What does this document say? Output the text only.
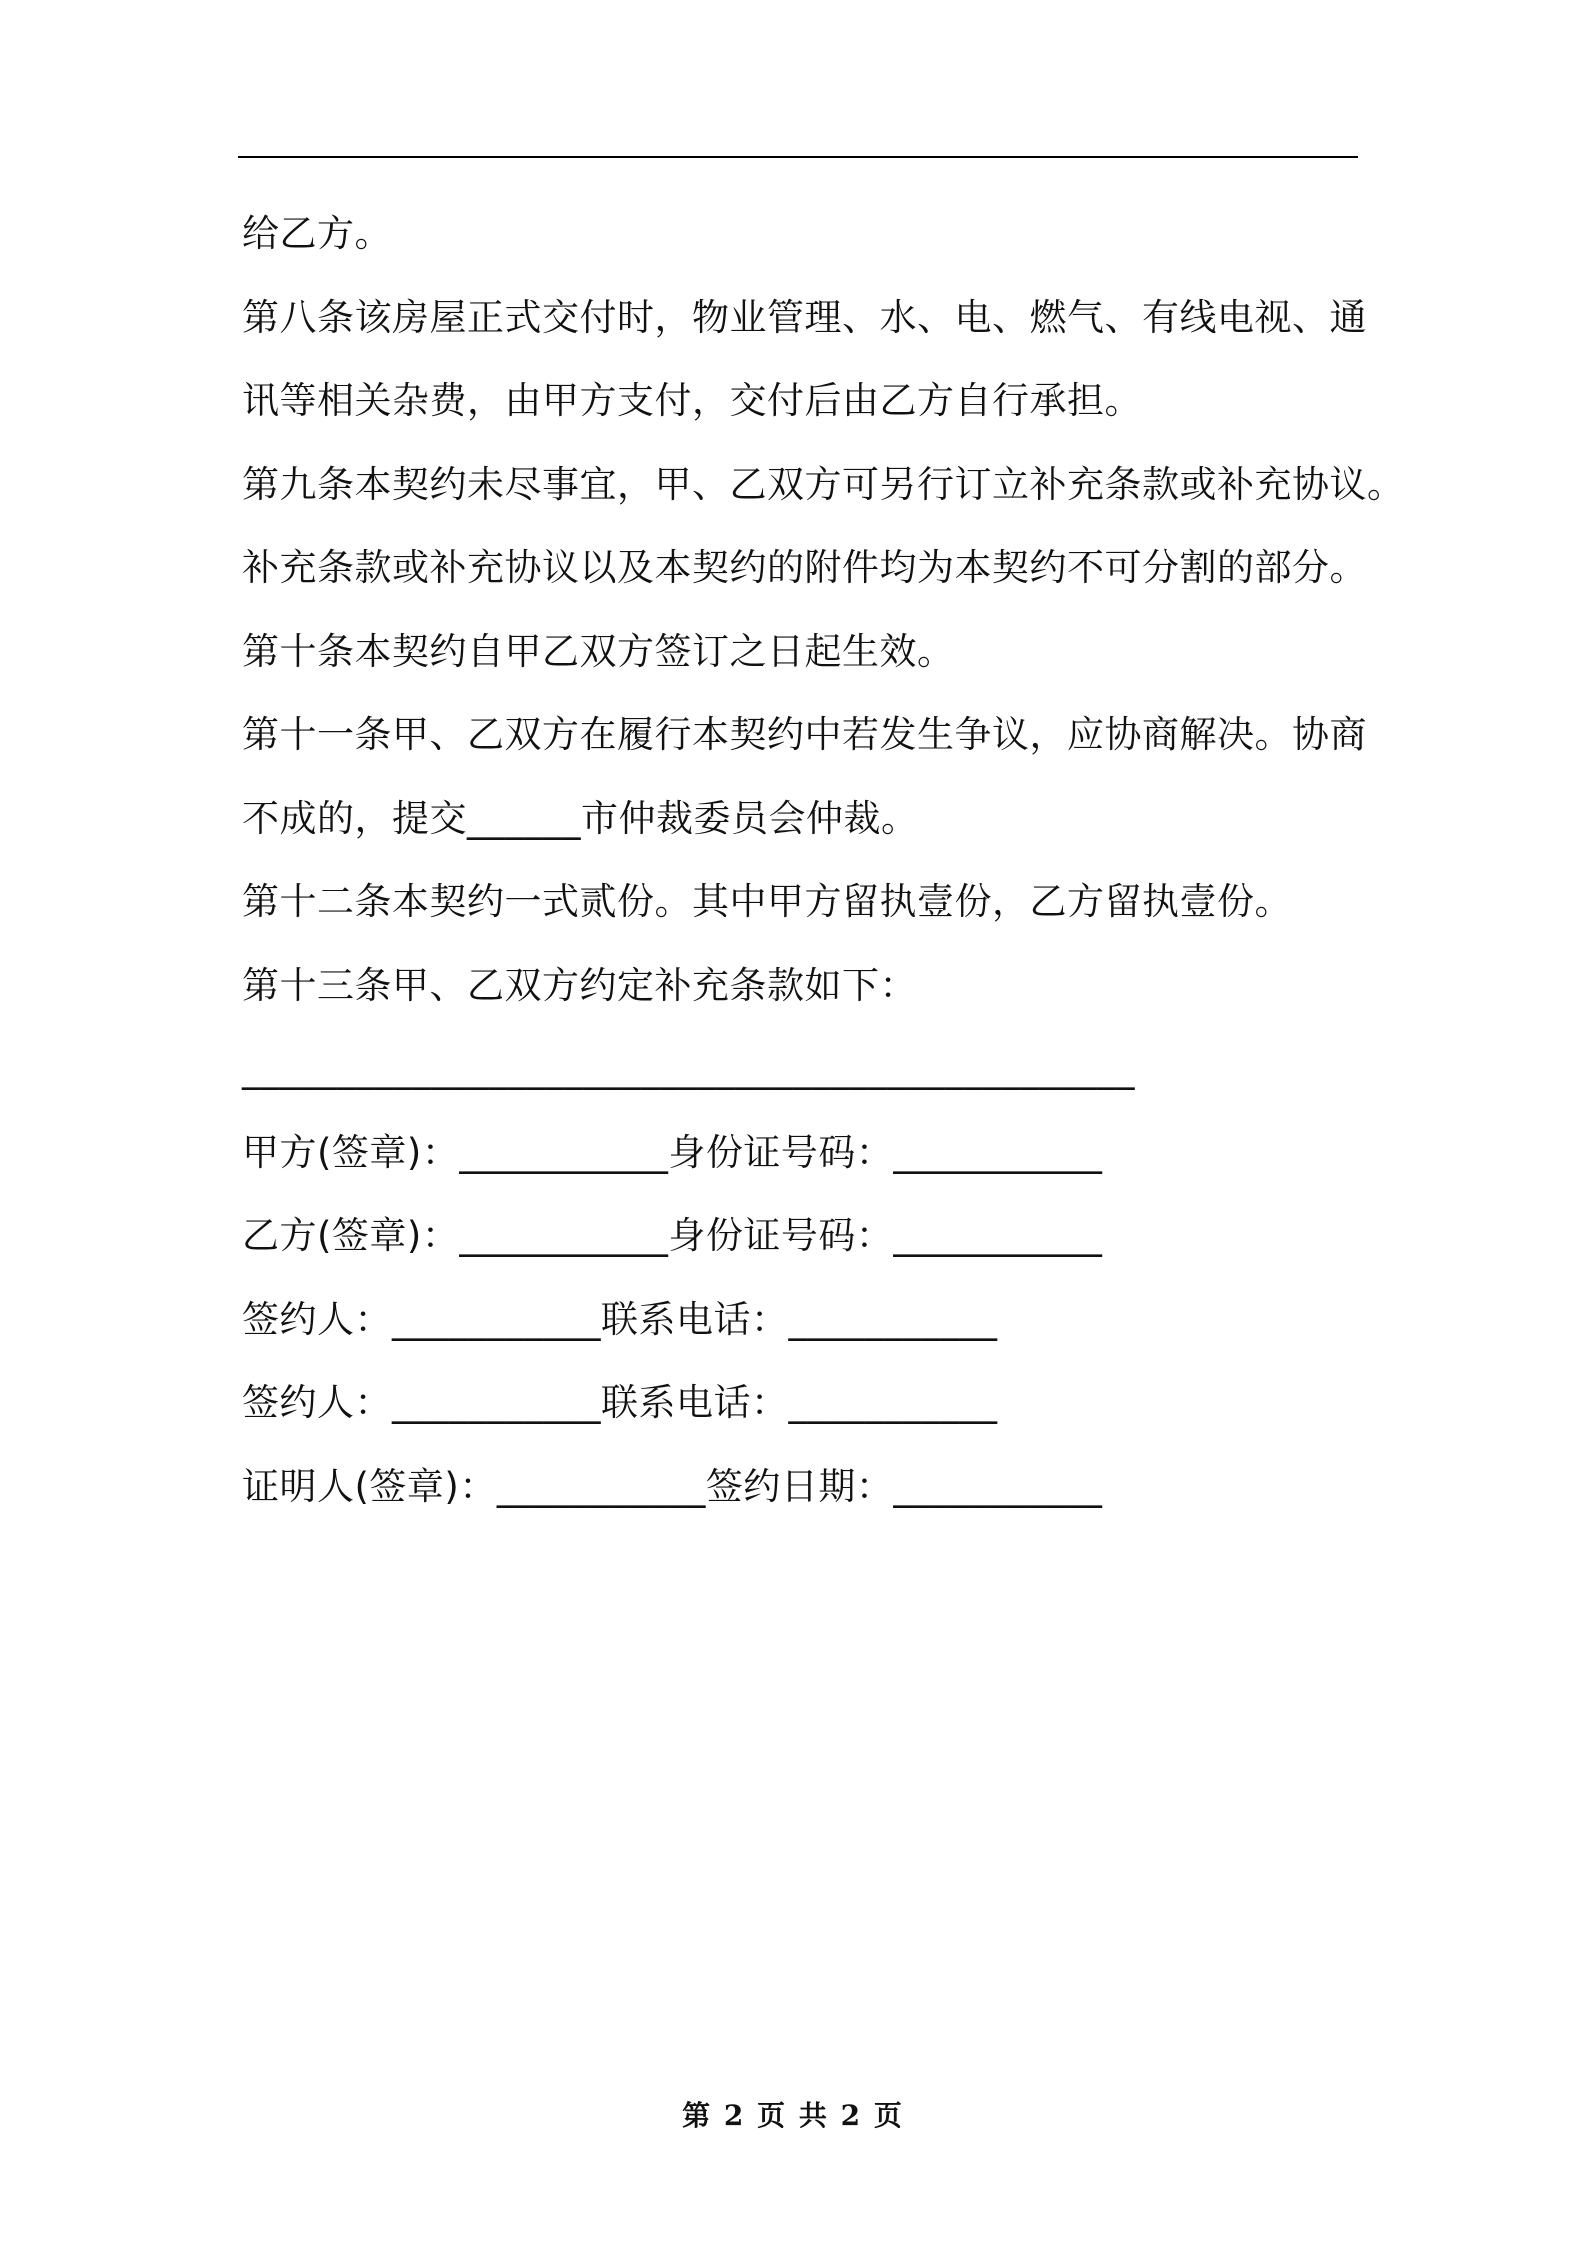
给乙方。
第八条该房屋正式交付时，物业管理、水、电、燃气、有线电视、通
讯等相关杂费，由甲方支付，交付后由乙方自行承担。
第九条本契约未尽事宜，甲、乙双方可另行订立补充条款或补充协议。
补充条款或补充协议以及本契约的附件均为本契约不可分割的部分。
第十条本契约自甲乙双方签订之日起生效。
第十一条甲、乙双方在履行本契约中若发生争议，应协商解决。协商
不成的，提交______市仲裁委员会仲裁。
第十二条本契约一式贰份。其中甲方留执壹份，乙方留执壹份。
第十三条甲、乙双方约定补充条款如下：
_______________________________________________
甲方(签章)：___________身份证号码：___________
乙方(签章)：___________身份证号码：___________
签约人：___________联系电话：___________
签约人：___________联系电话：___________
证明人(签章)：___________签约日期：___________
第 2 页 共 2 页
